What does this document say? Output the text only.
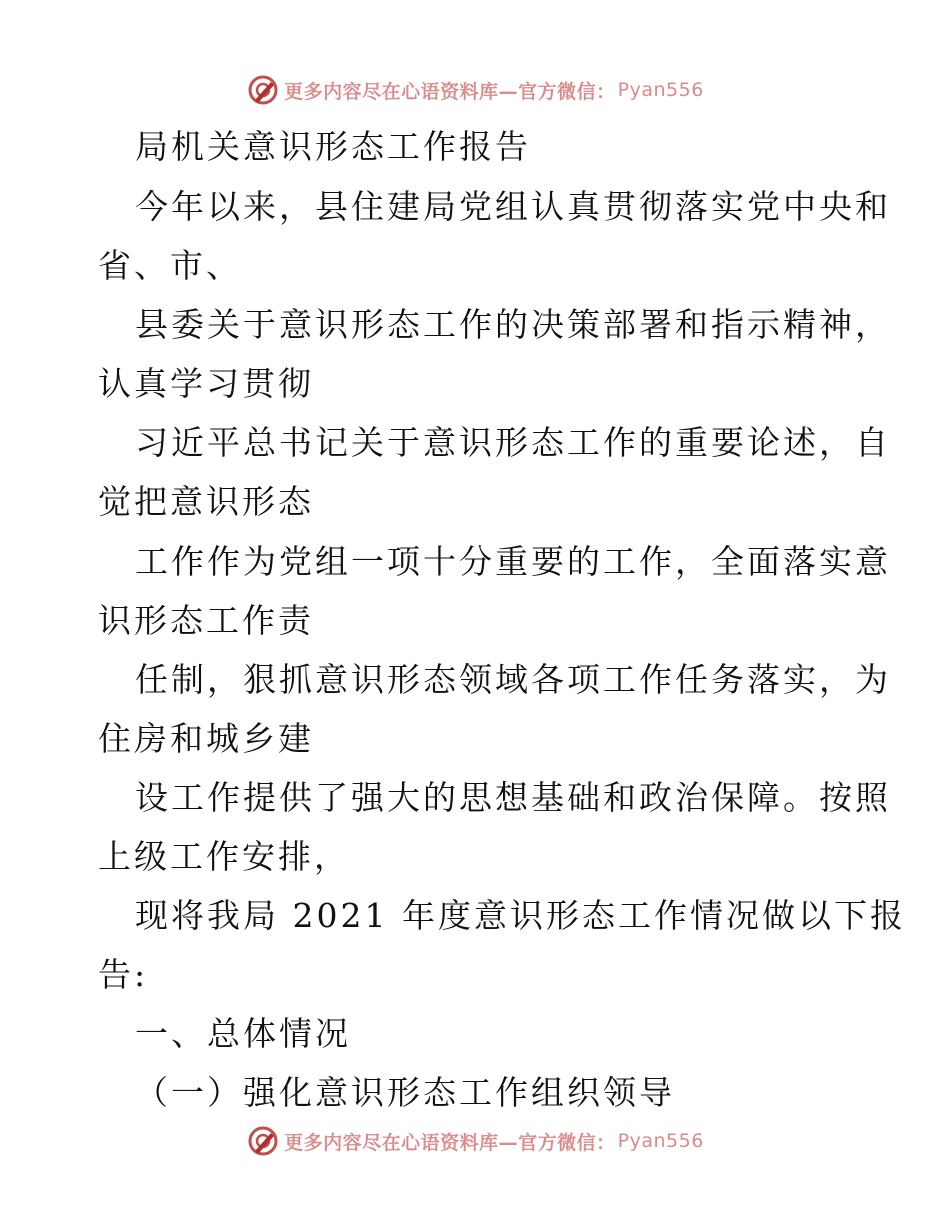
更多内容尽在心语资料库—官方微信： Pyan556
局机关意识形态工作报告
今年以来，县住建局党组认真贯彻落实党中央和
省、市、
县委关于意识形态工作的决策部署和指示精神，
认真学习贯彻
习近平总书记关于意识形态工作的重要论述，自
觉把意识形态
工作作为党组一项十分重要的工作，全面落实意
识形态工作责
任制，狠抓意识形态领域各项工作任务落实，为
住房和城乡建
设工作提供了强大的思想基础和政治保障。按照
上级工作安排，
现将我局 2021 年度意识形态工作情况做以下报
告:
一、总体情况
（一）强化意识形态工作组织领导
更多内容尽在心语资料库—官方微信： Pyan556
